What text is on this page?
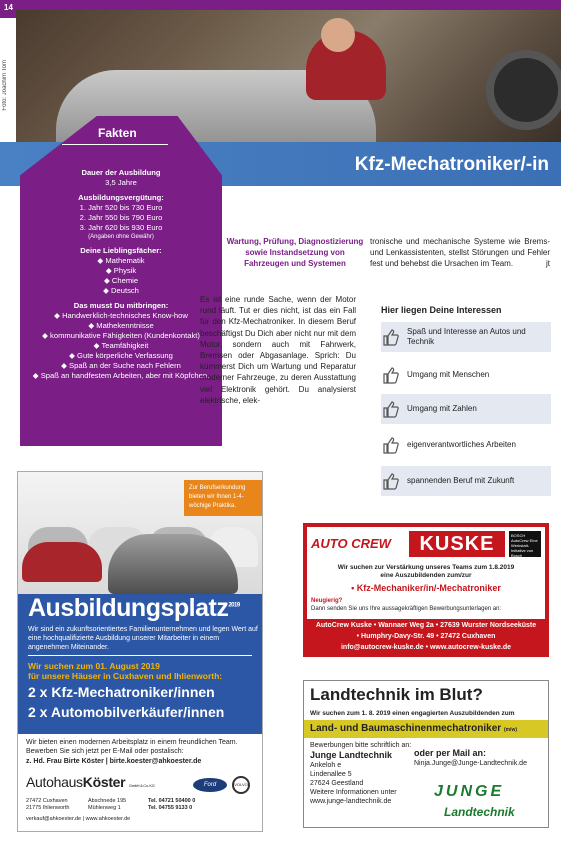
14
Foto: Joachim Tom
Kfz-Mechatroniker/-in
Fakten
Dauer der Ausbildung
3,5 Jahre
Ausbildungsvergütung:
1. Jahr 520 bis 730 Euro
2. Jahr 550 bis 790 Euro
3. Jahr 620 bis 930 Euro
(Angaben ohne Gewähr)
Deine Lieblingsfächer:
◆ Mathematik
◆ Physik
◆ Chemie
◆ Deutsch
Das musst Du mitbringen:
◆ Handwerklich-technisches Know-how
◆ Mathekenntnisse
◆ kommunikative Fähigkeiten (Kundenkontakt)
◆ Teamfähigkeit
◆ Gute körperliche Verfassung
◆ Spaß an der Suche nach Fehlern
◆ Spaß an handfestem Arbeiten, aber mit Köpfchen.
Wartung, Prüfung, Diagnostizierung sowie Instandsetzung von Fahrzeugen und Systemen
Es ist eine runde Sache, wenn der Motor rund läuft. Tut er dies nicht, ist das ein Fall für den Kfz-Mechatroniker. In diesem Beruf beschäftigst Du Dich aber nicht nur mit dem Motor, sondern auch mit Fahrwerk, Bremsen oder Abgasanlage. Sprich: Du kümmerst Dich um Wartung und Reparatur moderner Fahrzeuge, zu deren Ausstattung viel Elektronik gehört. Du analysierst elektrische, elek-
tronische und mechanische Systeme wie Brems- und Lenkassistenten, stellst Störungen und Fehler fest und behebst die Ursachen im Team.	jt
Hier liegen Deine Interessen
Spaß und Interesse an Autos und Technik
Umgang mit Menschen
Umgang mit Zahlen
eigenverantwortliches Arbeiten
spannenden Beruf mit Zukunft
Zur Berufserkundung bieten wir Ihnen 1-4-wöchige Praktika.
Ausbildungsplatz$^{2019}$
Wir sind ein zukunftsorientiertes Familienunternehmen und legen Wert auf eine hochqualifizierte Ausbildung unserer Mitarbeiter in einem angenehmen Miteinander.
Wir suchen zum 01. August 2019
für unsere Häuser in Cuxhaven und Ihlienworth:
2 x Kfz-Mechatroniker/innen
2 x Automobilverkäufer/innen
Wir bieten einen modernen Arbeitsplatz in einem freundlichen Team. Bewerben Sie sich jetzt per E-Mail oder postalisch:
z. Hd. Frau Birte Köster | birte.koester@ahkoester.de
AutohausKöster GmbH & Co. KG	Ford	VOLVO
27472 Cuxhaven
21775 Ihlienworth
Abschnede 195
Mühlenweg 1
Tel. 04721 50400 0
Tel. 04755 9133 0
verkauf@ahkoester.de | www.ahkoester.de
AUTO CREW	KUSKE	BOSCH AutoCrew Eine Werkstatt-Initiative von Bosch
Wir suchen zur Verstärkung unseres Teams zum 1.8.2019
eine Auszubildenden zum/zur
• Kfz-Mechaniker/in/-Mechatroniker
Neugierig?
Dann senden Sie uns Ihre aussagekräftigen Bewerbungsunterlagen an:
AutoCrew Kuske • Wannaer Weg 2a • 27639 Wurster Nordseeküste
• Humphry-Davy-Str. 49 • 27472 Cuxhaven
info@autocrew-kuske.de • www.autocrew-kuske.de
Landtechnik im Blut?
Wir suchen zum 1. 8. 2019 einen engagierten Auszubildenden zum
Land- und Baumaschinenmechatroniker (m/w)
Bewerbungen bitte schriftlich an:
Junge Landtechnik
Ankeloh e
Lindenallee 5
27624 Geestland
Weitere Informationen unter
www.junge-landtechnik.de
oder per Mail an:
Ninja.Junge@Junge-Landtechnik.de
JUNGE
Landtechnik
